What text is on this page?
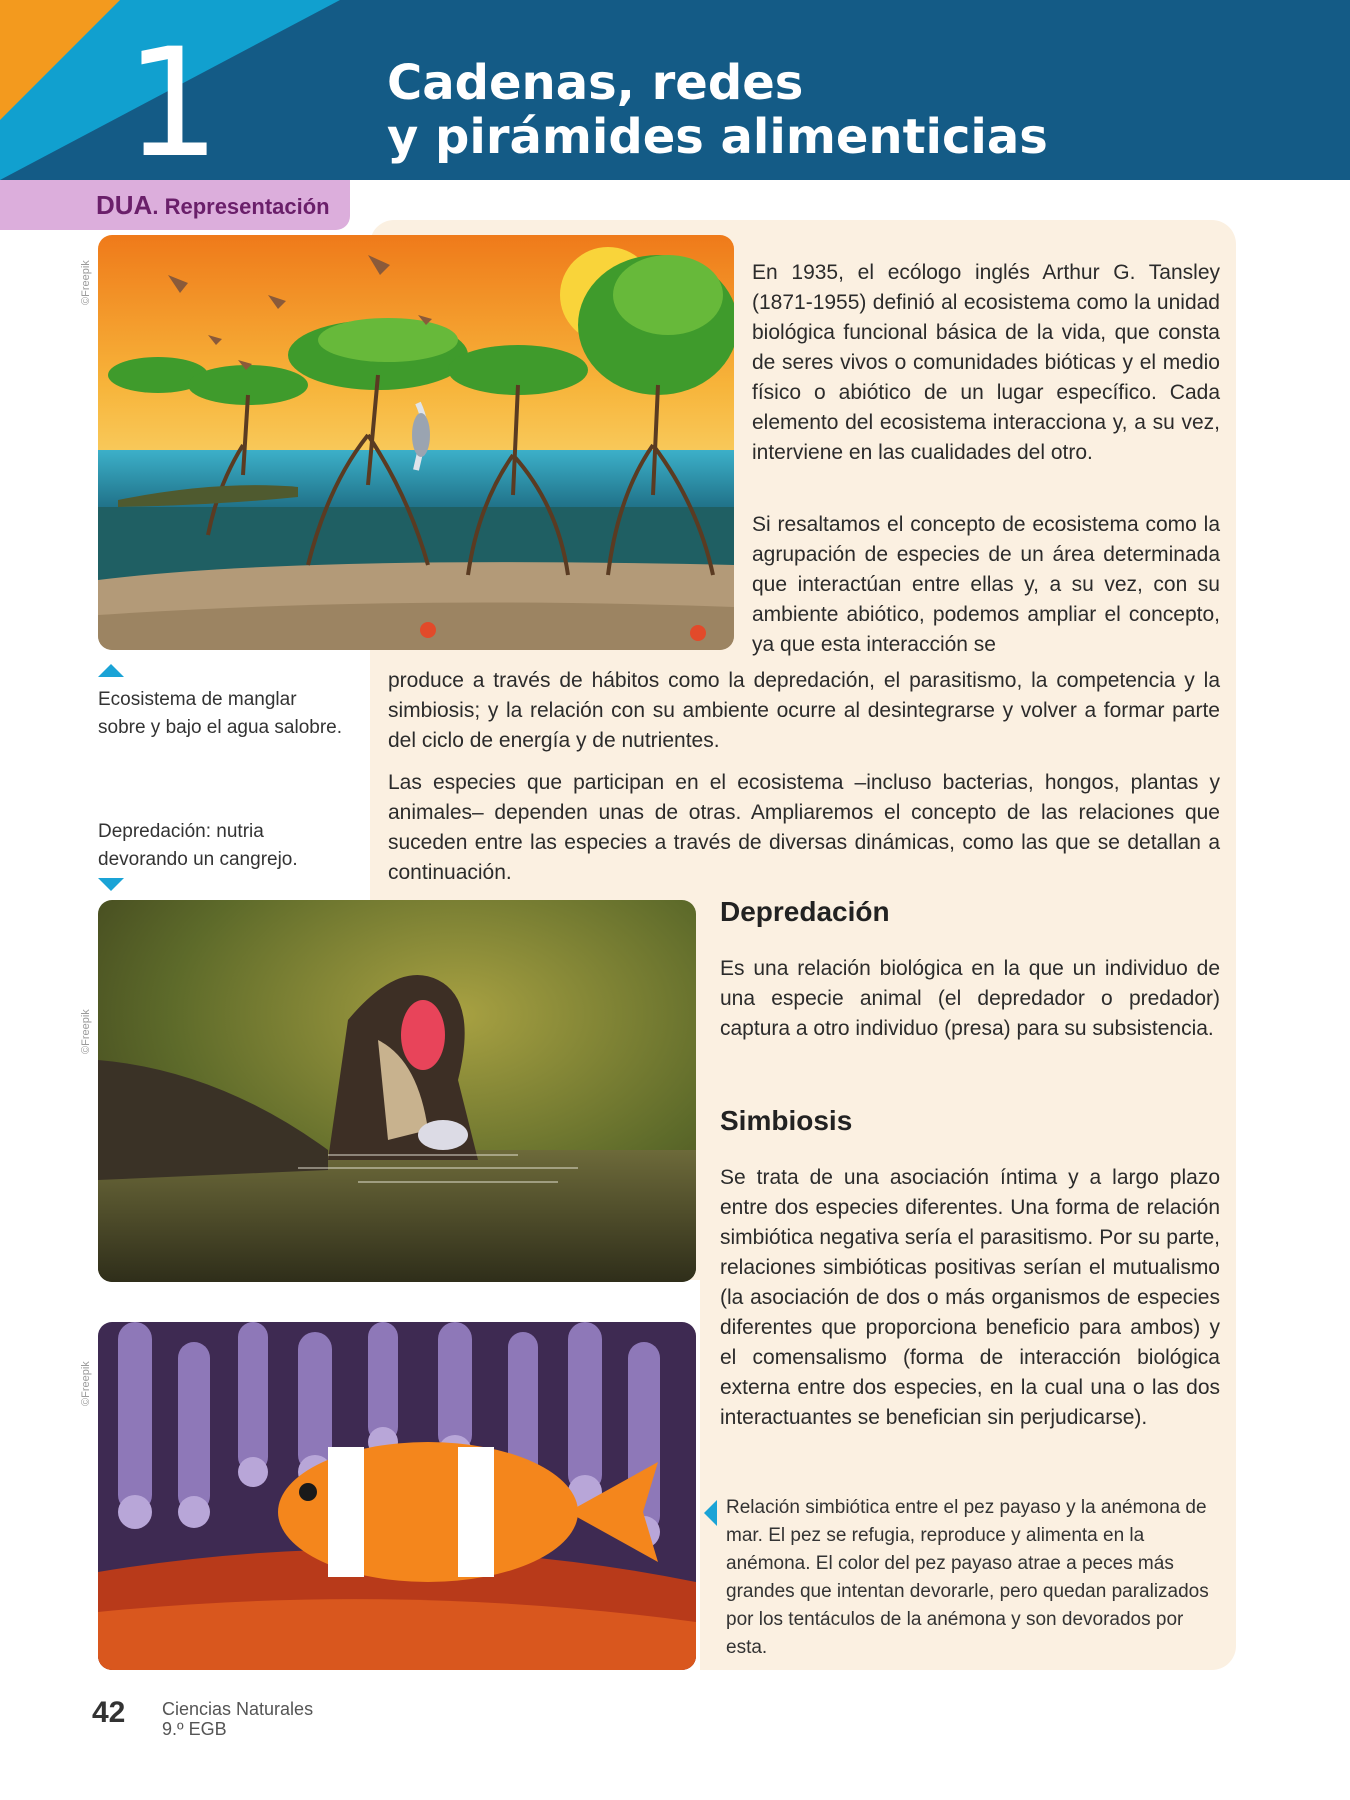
1	Cadenas, redes
y pirámides alimenticias
DUA. Representación
©Freepik
©Freepik
©Freepik
Ecosistema de manglar
sobre y bajo el agua salobre.
En 1935, el ecólogo inglés Arthur G. Tansley (1871-1955) definió al ecosistema como la unidad biológica funcional básica de la vida, que consta de seres vivos o comunidades bióticas y el medio físico o abiótico de un lugar específico. Cada elemento del ecosistema interacciona y, a su vez, interviene en las cualidades del otro.
Si resaltamos el concepto de ecosistema como la agrupación de especies de un área determinada que interactúan entre ellas y, a su vez, con su ambiente abiótico, podemos ampliar el concepto, ya que esta interacción se
produce a través de hábitos como la depredación, el parasitismo, la competencia y la simbiosis; y la relación con su ambiente ocurre al desintegrarse y volver a formar parte del ciclo de energía y de nutrientes.
Las especies que participan en el ecosistema –incluso bacterias, hongos, plantas y animales– dependen unas de otras. Ampliaremos el concepto de las relaciones que suceden entre las especies a través de diversas dinámicas, como las que se detallan a continuación.
Depredación: nutria
devorando un cangrejo.
Depredación
Es una relación biológica en la que un individuo de una especie animal (el depredador o predador) captura a otro individuo (presa) para su subsistencia.
Simbiosis
Se trata de una asociación íntima y a largo plazo entre dos especies diferentes. Una forma de relación simbiótica negativa sería el parasitismo. Por su parte, relaciones simbióticas positivas serían el mutualismo (la asociación de dos o más organismos de especies diferentes que proporciona beneficio para ambos) y el comensalismo (forma de interacción biológica externa entre dos especies, en la cual una o las dos interactuantes se benefician sin perjudicarse).
Relación simbiótica entre el pez payaso y la anémona de mar. El pez se refugia, reproduce y alimenta en la anémona. El color del pez payaso atrae a peces más grandes que intentan devorarle, pero quedan paralizados por los tentáculos de la anémona y son devorados por esta.
42 Ciencias Naturales
9.º EGB
